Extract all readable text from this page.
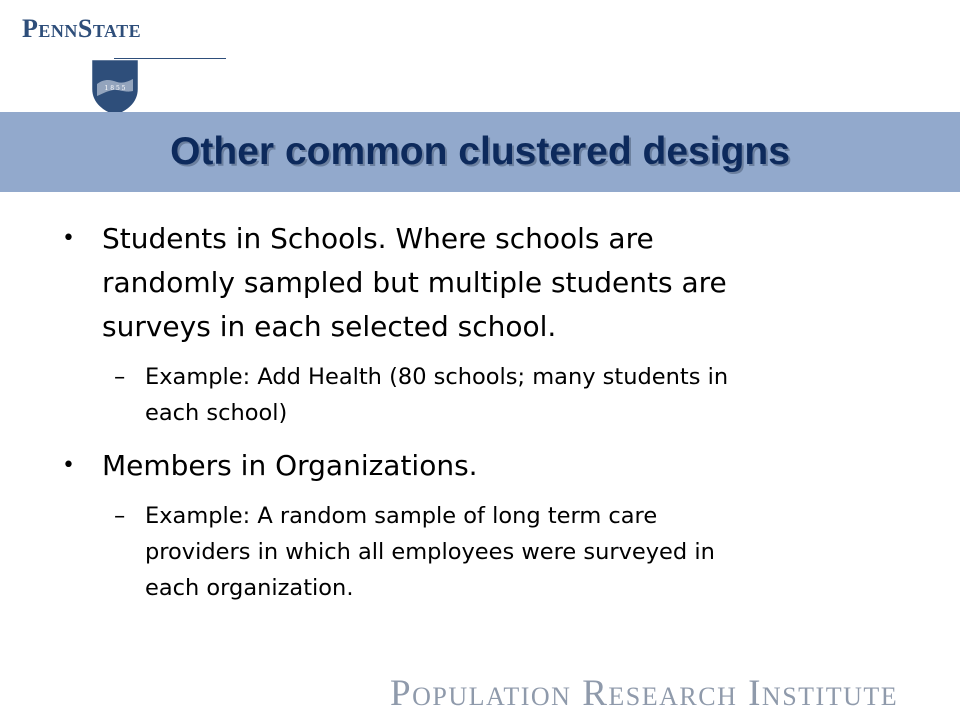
PennState
1 8 5 5
Other common clustered designs
• Students in Schools. Where schools are

randomly sampled but multiple students are

surveys in each selected school.

– Example: Add Health (80 schools; many students in

each school)

• Members in Organizations.

– Example: A random sample of long term care

providers in which all employees were surveyed in

each organization.

Population Research Institute
